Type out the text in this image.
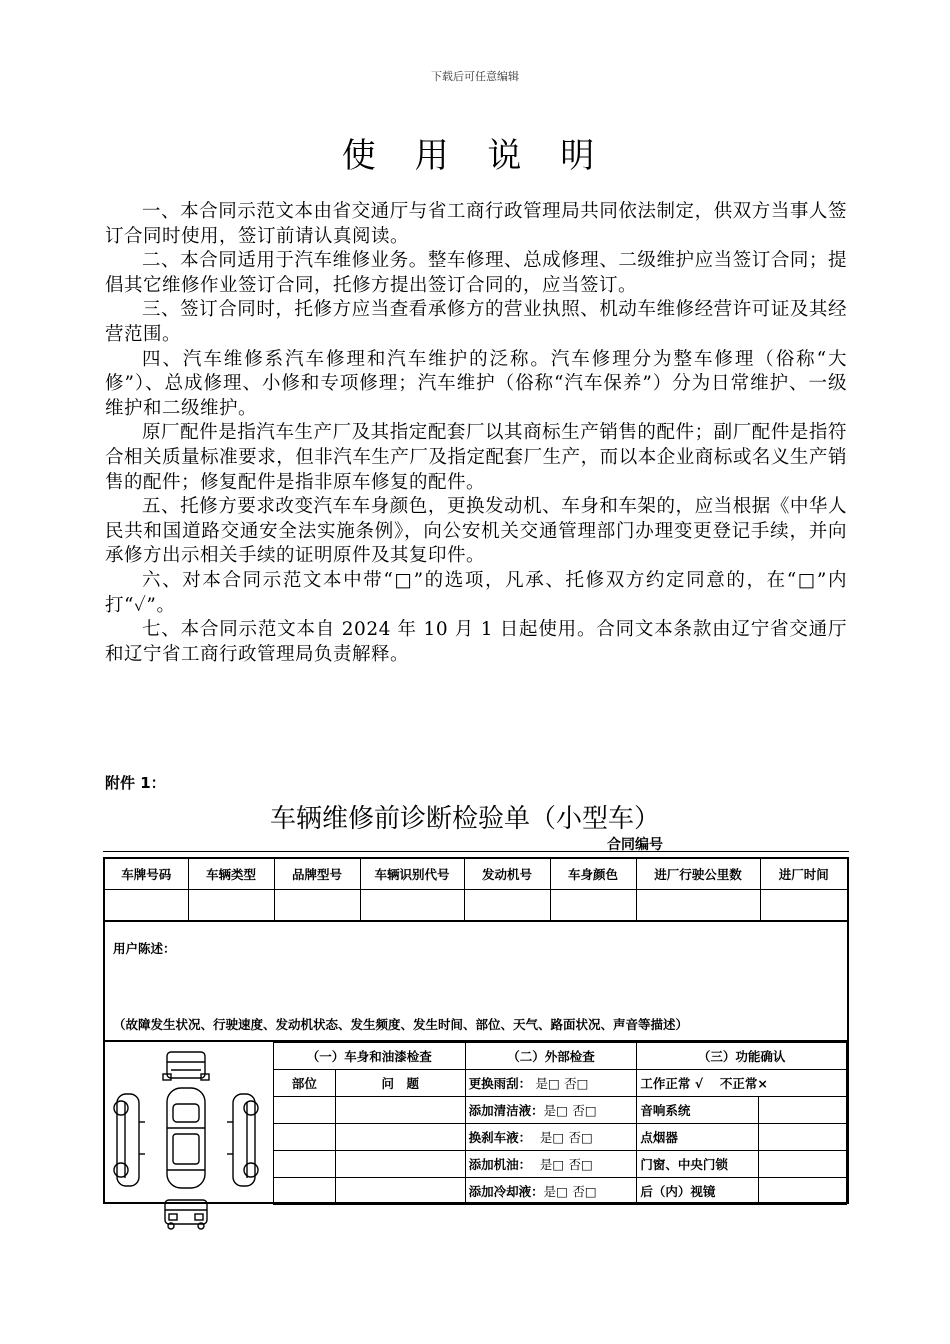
下载后可任意编辑
使 用 说 明

一、本合同示范文本由省交通厅与省工商行政管理局共同依法制定，供双方当事人签订合同时使用，签订前请认真阅读。

二、本合同适用于汽车维修业务。整车修理、总成修理、二级维护应当签订合同；提倡其它维修作业签订合同，托修方提出签订合同的，应当签订。

三、签订合同时，托修方应当查看承修方的营业执照、机动车维修经营许可证及其经营范围。

四、汽车维修系汽车修理和汽车维护的泛称。汽车修理分为整车修理（俗称“大修”）、总成修理、小修和专项修理；汽车维护（俗称“汽车保养”）分为日常维护、一级维护和二级维护。

原厂配件是指汽车生产厂及其指定配套厂以其商标生产销售的配件；副厂配件是指符合相关质量标准要求，但非汽车生产厂及指定配套厂生产，而以本企业商标或名义生产销售的配件；修复配件是指非原车修复的配件。

五、托修方要求改变汽车车身颜色，更换发动机、车身和车架的，应当根据《中华人民共和国道路交通安全法实施条例》，向公安机关交通管理部门办理变更登记手续，并向承修方出示相关手续的证明原件及其复印件。

六、对本合同示范文本中带“□”的选项，凡承、托修双方约定同意的，在“□”内打“✓”。

七、本合同示范文本自 2024 年 10 月 1 日起使用。合同文本条款由辽宁省交通厅和辽宁省工商行政管理局负责解释。

附件 1：
车辆维修前诊断检验单（小型车）
合同编号
车牌号码	车辆类型	品牌型号	车辆识别代号	发动机号	车身颜色	进厂行驶公里数	进厂时间

用户陈述：
（故障发生状况、行驶速度、发动机状态、发生频度、发生时间、部位、天气、路面状况、声音等描述）
（一）车身和油漆检查		（二）外部检查	（三）功能确认	
部位	问　题	更换雨刮： 是□ 否□	工作正常 √　 不正常×	
		添加清洁液：是□ 否□	音响系统	
		换刹车液： 是□ 否□	点烟器	
		添加机油： 是□ 否□	门窗、中央门锁	
		添加冷却液：是□ 否□	后（内）视镜	
